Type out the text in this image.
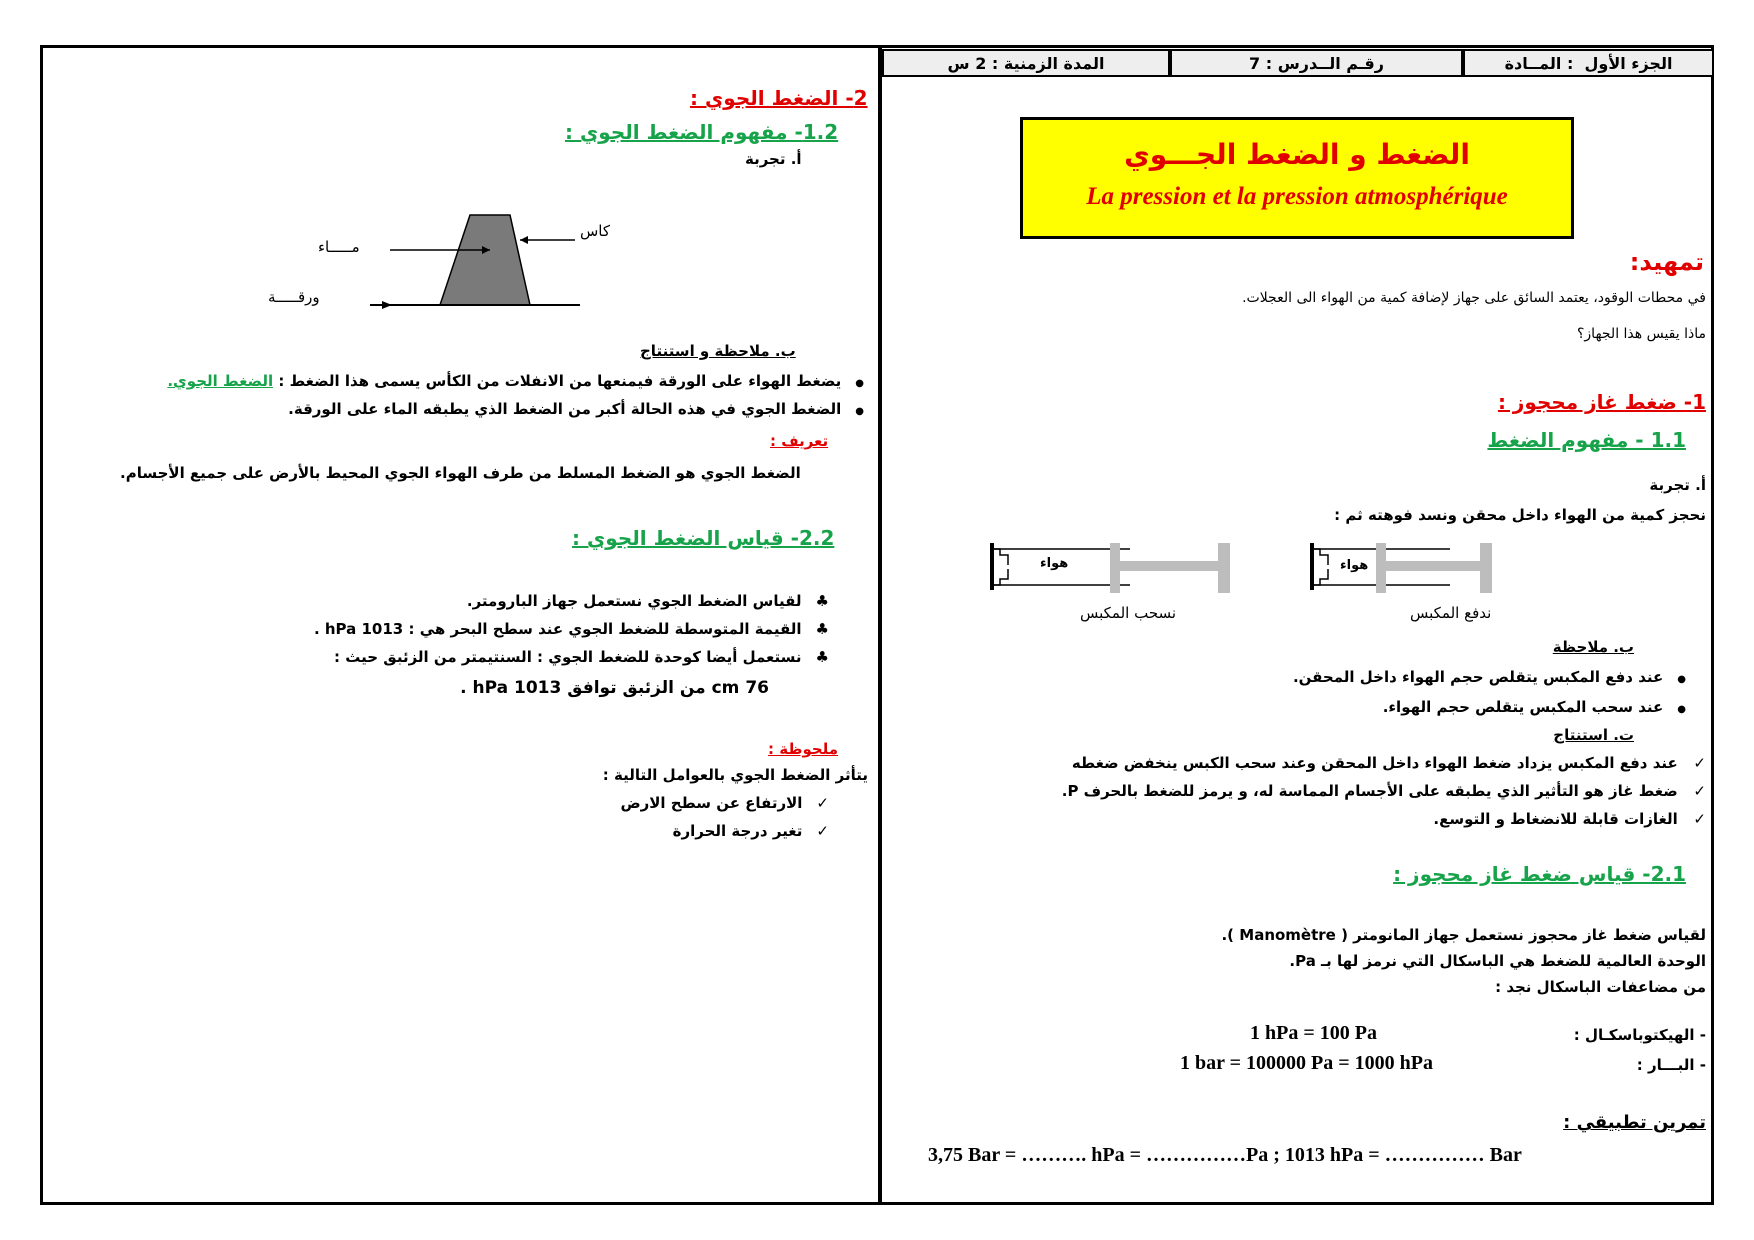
الجزء الأول

: المــادة
رقـم الــدرس : 7
المدة الزمنية : 2 س
الضغط و الضغط الجـــوي
La pression et la pression atmosphérique
تمهيد:
في محطات الوقود، يعتمد السائق على جهاز لإضافة كمية من الهواء الى العجلات.
ماذا يقيس هذا الجهاز؟
1- ضغط غاز محجوز :
1.1 - مفهوم الضغط
أ. تجربة
نحجز كمية من الهواء داخل محقن ونسد فوهته ثم :
هواء	هواء
نسحب المكبس	ندفع المكبس
ب. ملاحظة
● عند دفع المكبس يتقلص حجم الهواء داخل المحقن.
● عند سحب المكبس يتقلص حجم الهواء.
ت. استنتاج
✓   عند دفع المكبس يزداد ضغط الهواء داخل المحقن وعند سحب الكبس ينخفض ضغطه
✓   ضغط غاز هو التأثير الذي يطبقه على الأجسام المماسة له، و يرمز للضغط بالحرف P.
✓   الغازات قابلة للانضغاط و التوسع.
2.1- قياس ضغط غاز محجوز :
لقياس ضغط غاز محجوز نستعمل جهاز المانومتر ( Manomètre ).
الوحدة العالمية للضغط هي الباسكال التي نرمز لها بـ Pa.
من مضاعفات الباسكال نجد :
- الهيكتوباسكـال :
1 hPa = 100 Pa
- البـــار :
1 bar = 100000 Pa = 1000 hPa
تمرين تطبيقي :
3,75 Bar = ………. hPa = ……………Pa ; 1013 hPa = …………… Bar
2- الضغط الجوي :
1.2- مفهوم الضغط الجوي :
أ. تجربة
كاس
مـــــاء
ورقـــــة
ب. ملاحظة و استنتاج
● يضغط الهواء على الورقة فيمنعها من الانفلات من الكأس يسمى هذا الضغط : الضغط الجوي.
● الضغط الجوي في هذه الحالة أكبر من الضغط الذي يطبقه الماء على الورقة.
تعريف :
الضغط الجوي هو الضغط المسلط من طرف الهواء الجوي المحيط بالأرض على جميع الأجسام.
2.2- قياس الضغط الجوي :
♣لقياس الضغط الجوي نستعمل جهاز البارومتر.
♣القيمة المتوسطة للضغط الجوي عند سطح البحر هي : 1013 hPa .
♣نستعمل أيضا كوحدة للضغط الجوي : السنتيمتر من الزئبق حيث :
76 cm من الزئبق توافق 1013 hPa .
ملحوظة :
يتأثر الضغط الجوي بالعوامل التالية :
✓الارتفاع عن سطح الارض
✓تغير درجة الحرارة
